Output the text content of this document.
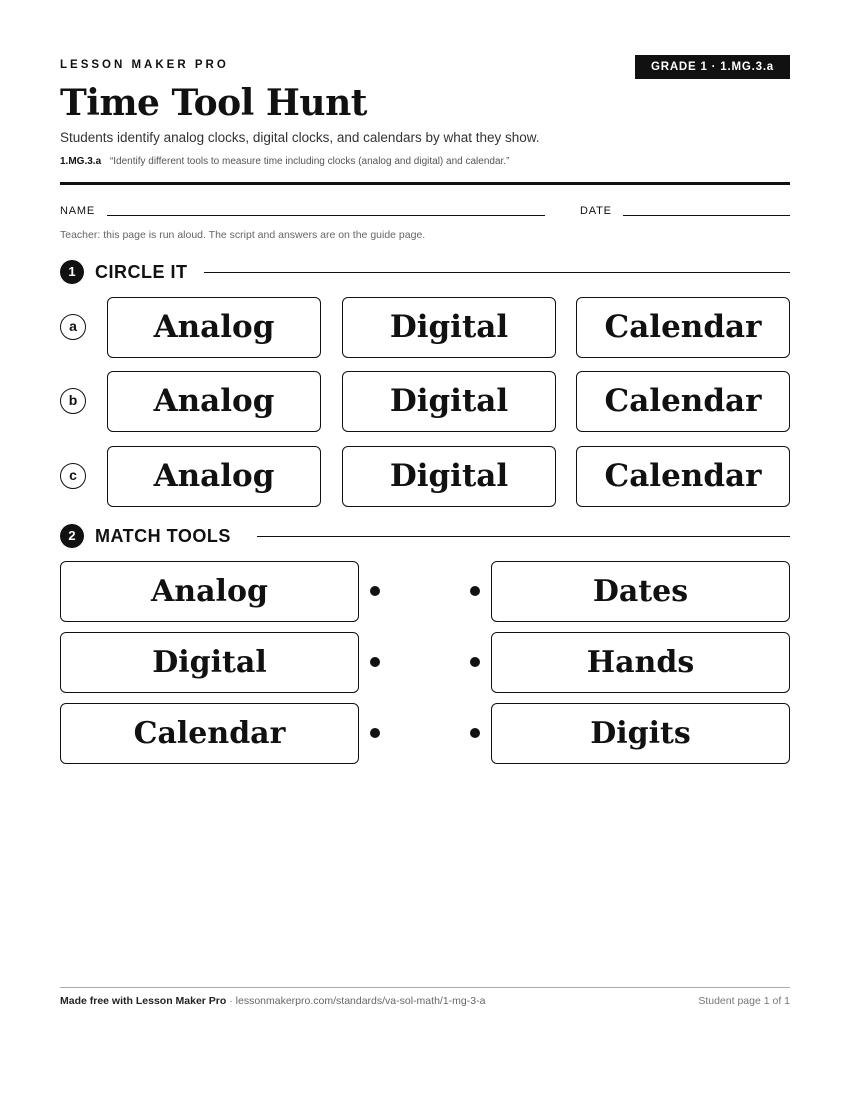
LESSON MAKER PRO	GRADE 1 · 1.MG.3.a
Time Tool Hunt
Students identify analog clocks, digital clocks, and calendars by what they show.
1.MG.3.a “Identify different tools to measure time including clocks (analog and digital) and calendar.”
NAME	DATE
Teacher: this page is run aloud. The script and answers are on the guide page.
1	CIRCLE IT
a	Analog	Digital	Calendar
b	Analog	Digital	Calendar
c	Analog	Digital	Calendar
2	MATCH TOOLS
Analog	Dates
Digital	Hands
Calendar	Digits
Made free with Lesson Maker Pro · lessonmakerpro.com/standards/va-sol-math/1-mg-3-a	Student page 1 of 1
